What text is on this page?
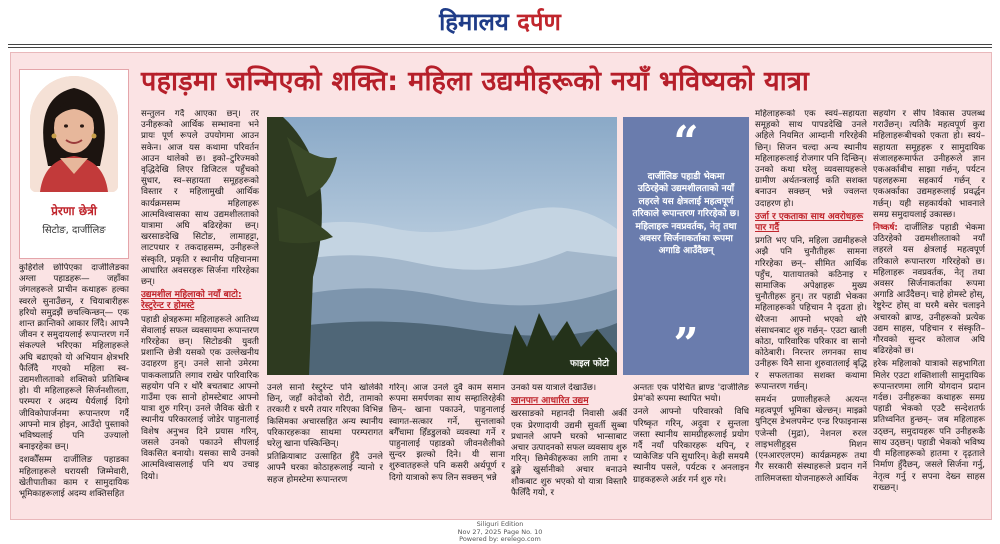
हिमालय दर्पण
प्रेरणा छेत्री
सिटोङ, दार्जीलिङ
पहाड़मा जन्मिएको शक्ति: महिला उद्यमीहरूको नयाँ भविष्यको यात्रा

कुहिरोले छोपिएका दार्जीलिङका अग्ला पहाडहरू— जहाँका जंगलहरूले प्राचीन कथाहरू हल्का स्वरले सुनाउँछन्, र चियाबारीहरू हरियो समुद्रझैं छचल्किन्छन्— एक शान्त क्रान्तिको आकार लिँदै। आफ्नै जीवन र समुदायलाई रूपान्तरण गर्ने संकल्पले भरिएका महिलाहरूले अघि बढाएको यो अभियान क्षेत्रभरि फैलिँदै गएको महिला स्व-उद्यमशीलताको शक्तिको प्रतिबिम्ब हो। यी महिलाहरूले सिर्जनशीलता, परम्परा र अदम्य धैर्यलाई दिगो जीविकोपार्जनमा रूपान्तरण गर्दै आफ्नो मात्र होइन, आउँदो पुस्ताको भविष्यलाई पनि उज्यालो बनाइरहेका छन्।

दशकौँसम्म दार्जीलिङ पहाडका महिलाहरूले घरायसी जिम्मेवारी, खेतीपातीका काम र सामुदायिक भूमिकाहरूलाई अदम्य शक्तिसहित

सन्तुलन गर्दै आएका छन्। तर उनीहरूको आर्थिक सम्भावना भने प्रायः पूर्ण रूपले उपयोगमा आउन सकेन। आज यस कथामा परिवर्तन आउन थालेको छ। इको–टुरिज्मको वृद्धिदेखि लिएर डिजिटल पहुँचको सुधार, स्व–सहायता समूहहरूको विस्तार र महिलामुखी आर्थिक कार्यक्रमसम्म महिलाहरू आत्मविश्वासका साथ उद्यमशीलताको यात्रामा अघि बढिरहेका छन्। खरसाङदेखि सिटोङ, लामाहट्टा, लाटपधार र तकदाहसम्म, उनीहरूले संस्कृति, प्रकृति र स्थानीय पहिचानमा आधारित अवसरहरू सिर्जना गरिरहेका छन्।

उद्यमशील महिलाको नयाँ बाटो: रेस्टुरेन्ट र होमस्टे

पहाडी क्षेत्रहरूमा महिलाहरूले आतिथ्य सेवालाई सफल व्यवसायमा रूपान्तरण गरिरहेका छन्। सिटोङकी युवती प्रशान्ति छेत्री यसको एक उल्लेखनीय उदाहरण हुन्। उनले सानो उमेरमा पाककलाप्रति लगाव राखेर पारिवारिक सहयोग पनि र थोरै बचतबाट आफ्नो गाउँमा एक सानो होमस्टेबाट आफ्नो यात्रा शुरु गरिन्। उनले जैविक खेती र स्थानीय परिकारलाई जोडेर पाहुनालाई विशेष अनुभव दिने प्रयास गरिन्, जसले उनको पकाउने सीपलाई विकसित बनायो। यसका साथै उनको आत्मविश्वासलाई पनि थप उचाइ दियो।

फाइल फोटो
“
दार्जीलिङ पहाडी भेकमा उठिरहेको उद्यमशीलताको नयाँ लहरले यस क्षेत्रलाई महत्वपूर्ण तरिकाले रूपान्तरण गरिरहेको छ। महिलाहरू नवप्रवर्तक, नेतृ तथा अवसर सिर्जनाकर्ताका रूपमा अगाडि आउँदैछन्
”

उनले सानो रेस्टुरेन्ट पनि खोलेकी छिन्, जहाँ कोदोको रोटी, तामाको तरकारी र घरमै तयार गरिएका विभिन्न किसिमका अचारसहित अन्य स्थानीय परिकारहरूका साथमा परम्परागत घरेलु खाना पस्किन्छिन्।

प्रतिक्रियाबाट उत्साहित हुँदै उनले आफ्नै घरका कोठाहरूलाई न्यानो र सहज होमस्टेमा रूपान्तरण

गरिन्। आज उनले दुवै काम समान रूपमा समर्पणका साथ सम्हालिरहेकी छिन्– खाना पकाउने, पाहुनालाई स्वागत-सत्कार गर्ने, सुन्तलाको बगैँचामा हिँडडुलको व्यवस्था गर्ने र पाहुनालाई पहाडको जीवनशैलीको सुन्दर झल्को दिने। यी साना शुरुवातहरूले पनि कसरी अर्थपूर्ण र दिगो यात्राको रूप लिन सक्छन् भन्ने

उनको यस यात्राले देखाउँछ।

खानपान आधारित उद्यम

खरसाङको महानदी निवासी अर्की एक प्रेरणादायी उद्यमी सुवर्ती सुब्बा प्रधानले आफ्नै घरको भान्साबाट अचार उत्पादनको सफल व्यवसाय शुरु गरिन्। छिमेकीहरूका लागि तामा र ढुङ्गे खुर्सानीको अचार बनाउने शौकबाट शुरु भएको यो यात्रा विस्तारै फैलिँदै गयो, र

अन्ततः एक परिचित ब्राण्ड 'दार्जीलिङ प्रेम'को रूपमा स्थापित भयो।

उनले आफ्नो परिवारको विधि परिष्कृत गरिन्, अदुवा र सुन्तला जस्ता स्थानीय सामग्रीहरूलाई प्रयोग गर्दै नयाँ परिकारहरू थपिन्, र प्याकेजिङ पनि सुधारिन्। केही समयमै स्थानीय पसले, पर्यटक र अनलाइन ग्राहकहरूले अर्डर गर्न शुरु गरे।

महिलाहरूको एक स्वयं–सहायता समूहको साथ पापडदेखि उनले अहिले नियमित आम्दानी गरिरहेकी छिन्। सिजन चल्दा अन्य स्थानीय महिलाहरूलाई रोजगार पनि दिन्छिन्। उनको कथा घरेलु व्यवसायहरूले ग्रामीण अर्थतन्त्रलाई कति सशक्त बनाउन सक्छन् भन्ने ज्वलन्त उदाहरण हो।

उर्जा र एकताका साथ अवरोधहरू पार गर्दै

प्रगति भए पनि, महिला उद्यमीहरूले अझै पनि चुनौतीहरू सामना गरिरहेका छन्– सीमित आर्थिक पहुँच, यातायातको कठिनाइ र सामाजिक अपेक्षाहरू मुख्य चुनौतीहरू हुन्। तर पहाडी भेकका महिलाहरूको पहिचान नै दृढता हो। धेरैजना आफ्नो भएको थोरै संसाधनबाट शुरु गर्छन्– एउटा खाली कोठा, पारिवारिक परिकार वा सानो कोठेबारी। निरन्तर लगनका साथ उनीहरू यिनै साना शुरुवातलाई बृद्धि र सफलताका सशक्त कथामा रूपान्तरण गर्छन्।

समर्थन प्रणालीहरूले अत्यन्त महत्वपूर्ण भूमिका खेल्छन्। माइक्रो युनिट्स डेभलपमेन्ट एन्ड रिफाइनान्स एजेन्सी (मुद्रा), नेशनल रुरल लाइभलीहुड्स मिशन (एनआरएलएम) कार्यक्रमहरू तथा गैर सरकारी संस्थाहरूले प्रदान गर्ने तालिमजस्ता योजनाहरूले आर्थिक

सहयोग र सीप विकास उपलब्ध गराउँछन्। त्यतिकै महत्वपूर्ण कुरा महिलाहरूबीचको एकता हो। स्वयं–सहायता समूहहरू र सामुदायिक संजालहरूमार्फत उनीहरूले ज्ञान एकअर्काबीच साझा गर्छन्, पर्यटन पहलहरूमा सहकार्य गर्छन् र एकअर्काका उद्यमहरूलाई प्रवर्द्धन गर्छन्। यही सहकार्यको भावनाले समग्र समुदायलाई उकास्छ।

निष्कर्ष: दार्जीलिङ पहाडी भेकमा उठिरहेको उद्यमशीलताको नयाँ लहरले यस क्षेत्रलाई महत्वपूर्ण तरिकाले रूपान्तरण गरिरहेको छ। महिलाहरू नवप्रवर्तक, नेतृ तथा अवसर सिर्जनाकर्ताका रूपमा अगाडि आउँदैछन्। चाहे होमस्टे होस्, रेष्टुरेन्ट होस् वा घरमै बसेर चलाइने अचारको ब्राण्ड, उनीहरूको प्रत्येक उद्यम साहस, पहिचान र संस्कृति–गौरवको सुन्दर कोलाज अघि बढिरहेको छ।

हरेक महिलाको यात्राको सहभागिता मिलेर एउटा शक्तिशाली सामुदायिक रूपान्तरणमा लागि योगदान प्रदान गर्दछ। उनीहरूका कथाहरू समग्र पहाडी भेकको एउटै सन्देशतर्फ प्रतिध्वनित हुन्छन्– जब महिलाहरू उठ्छन्, समुदायहरू पनि उनीहरूकै साथ उठ्छन्। पहाडी भेकको भविष्य यी महिलाहरूको हातमा र दृढ़ताले निर्माण हुँदैछन्, जसले सिर्जना गर्नु, नेतृत्व गर्नु र सपना देख्न साहस राख्छन्।

Siliguri Edition
Nov 27, 2025 Page No. 10
Powered by: erelego.com
